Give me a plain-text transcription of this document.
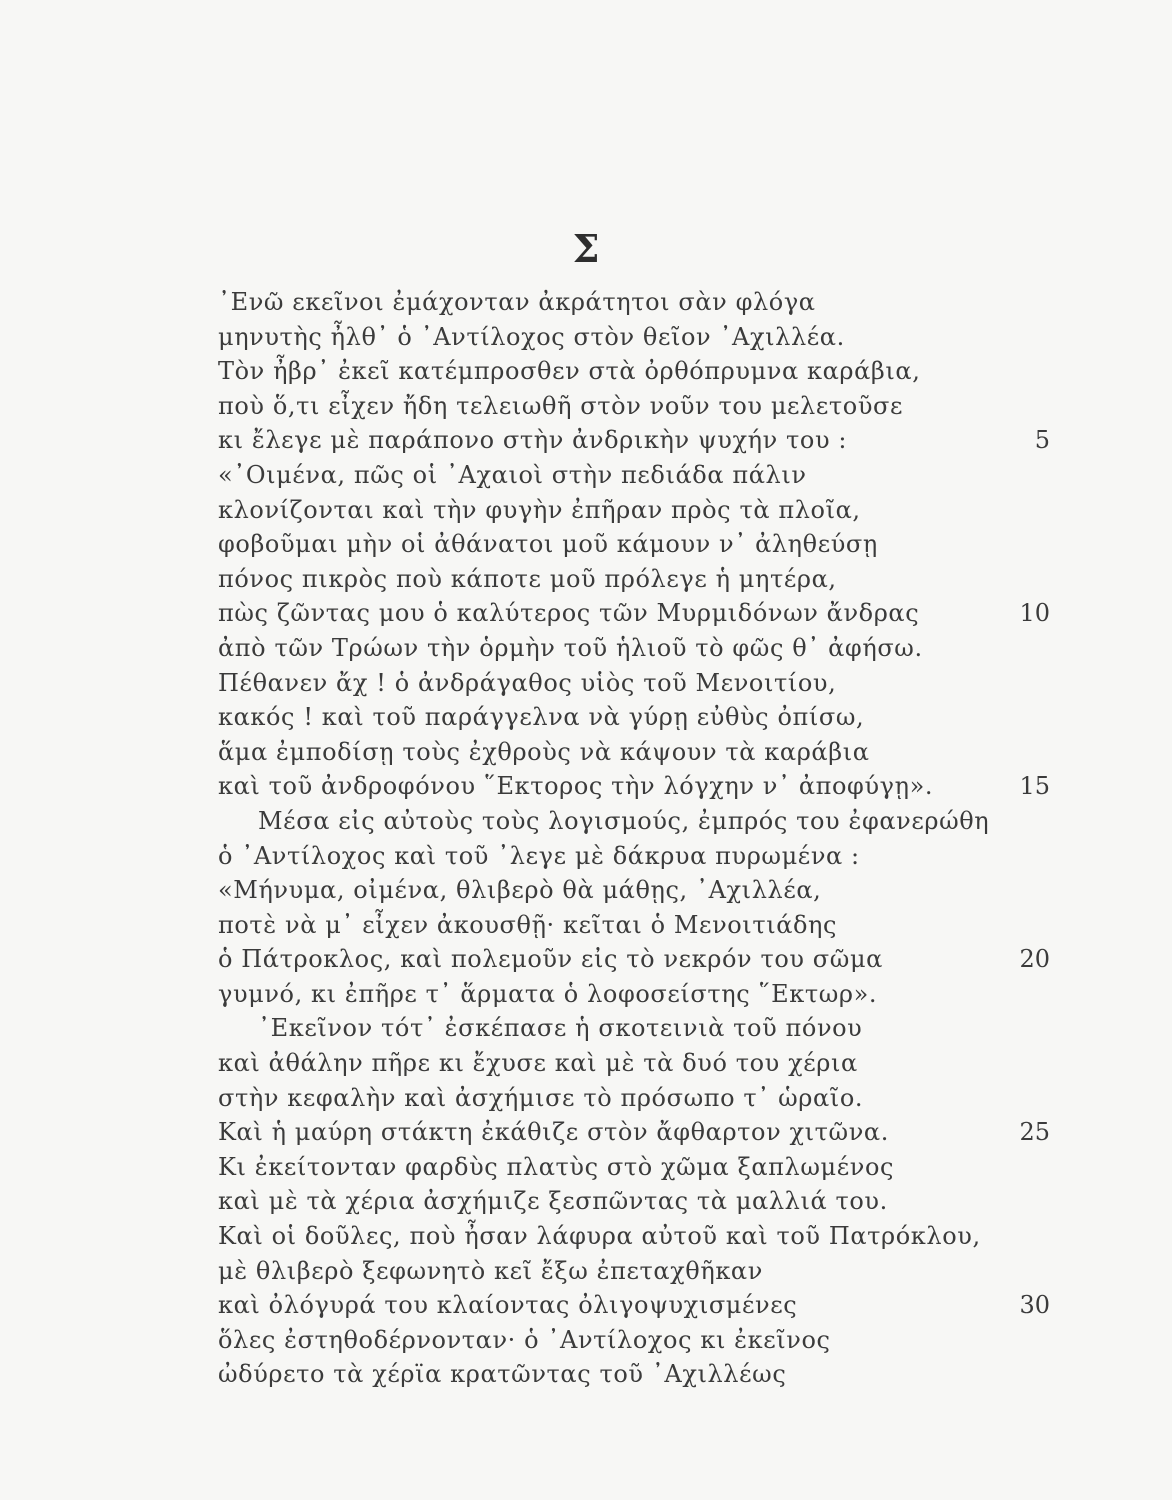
Σ
᾿Ενῶ εκεῖνοι ἐμάχονταν ἀκράτητοι σὰν φλόγα
μηνυτὴς ἦλθ᾿ ὁ ᾿Αντίλοχος στὸν θεῖον ᾿Αχιλλέα.
Τὸν ἦβρ᾿ ἐκεῖ κατέμπροσθεν στὰ ὀρθόπρυμνα καράβια,
ποὺ ὅ,τι εἶχεν ἤδη τελειωθῆ στὸν νοῦν του μελετοῦσε
κι ἔλεγε μὲ παράπονο στὴν ἀνδρικὴν ψυχήν του :	5
«᾿Οιμένα, πῶς οἱ ᾿Αχαιοὶ στὴν πεδιάδα πάλιν
κλονίζονται καὶ τὴν φυγὴν ἐπῆραν πρὸς τὰ πλοῖα,
φοβοῦμαι μὴν οἱ ἀθάνατοι μοῦ κάμουν ν᾿ ἀληθεύσῃ
πόνος πικρὸς ποὺ κάποτε μοῦ πρόλεγε ἡ μητέρα,
πὼς ζῶντας μου ὁ καλύτερος τῶν Μυρμιδόνων ἄνδρας	10
ἀπὸ τῶν Τρώων τὴν ὁρμὴν τοῦ ἡλιοῦ τὸ φῶς θ᾿ ἀφήσω.
Πέθανεν ἄχ ! ὁ ἀνδράγαθος υἱὸς τοῦ Μενοιτίου,
κακός ! καὶ τοῦ παράγγελνα νὰ γύρῃ εὐθὺς ὀπίσω,
ἅμα ἐμποδίσῃ τοὺς ἐχθροὺς νὰ κάψουν τὰ καράβια
καὶ τοῦ ἀνδροφόνου ῞Εκτορος τὴν λόγχην ν᾿ ἀποφύγῃ».	15
Μέσα εἰς αὐτοὺς τοὺς λογισμούς, ἐμπρός του ἐφανερώθη
ὁ ᾿Αντίλοχος καὶ τοῦ ᾿λεγε μὲ δάκρυα πυρωμένα :
«Μήνυμα, οἰμένα, θλιβερὸ θὰ μάθῃς, ᾿Αχιλλέα,
ποτὲ νὰ μ᾿ εἶχεν ἀκουσθῇ· κεῖται ὁ Μενοιτιάδης
ὁ Πάτροκλος, καὶ πολεμοῦν εἰς τὸ νεκρόν του σῶμα	20
γυμνό, κι ἐπῆρε τ᾿ ἅρματα ὁ λοφοσείστης ῞Εκτωρ».
᾿Εκεῖνον τότ᾿ ἐσκέπασε ἡ σκοτεινιὰ τοῦ πόνου
καὶ ἀθάλην πῆρε κι ἔχυσε καὶ μὲ τὰ δυό του χέρια
στὴν κεφαλὴν καὶ ἀσχήμισε τὸ πρόσωπο τ᾿ ὡραῖο.
Καὶ ἡ μαύρη στάκτη ἐκάθιζε στὸν ἄφθαρτον χιτῶνα.	25
Κι ἐκείτονταν φαρδὺς πλατὺς στὸ χῶμα ξαπλωμένος
καὶ μὲ τὰ χέρια ἀσχήμιζε ξεσπῶντας τὰ μαλλιά του.
Καὶ οἱ δοῦλες, ποὺ ἦσαν λάφυρα αὐτοῦ καὶ τοῦ Πατρόκλου,
μὲ θλιβερὸ ξεφωνητὸ κεῖ ἔξω ἐπεταχθῆκαν
καὶ ὀλόγυρά του κλαίοντας ὀλιγοψυχισμένες	30
ὅλες ἐστηθοδέρνονταν· ὁ ᾿Αντίλοχος κι ἐκεῖνος
ὠδύρετο τὰ χέρϊα κρατῶντας τοῦ ᾿Αχιλλέως
